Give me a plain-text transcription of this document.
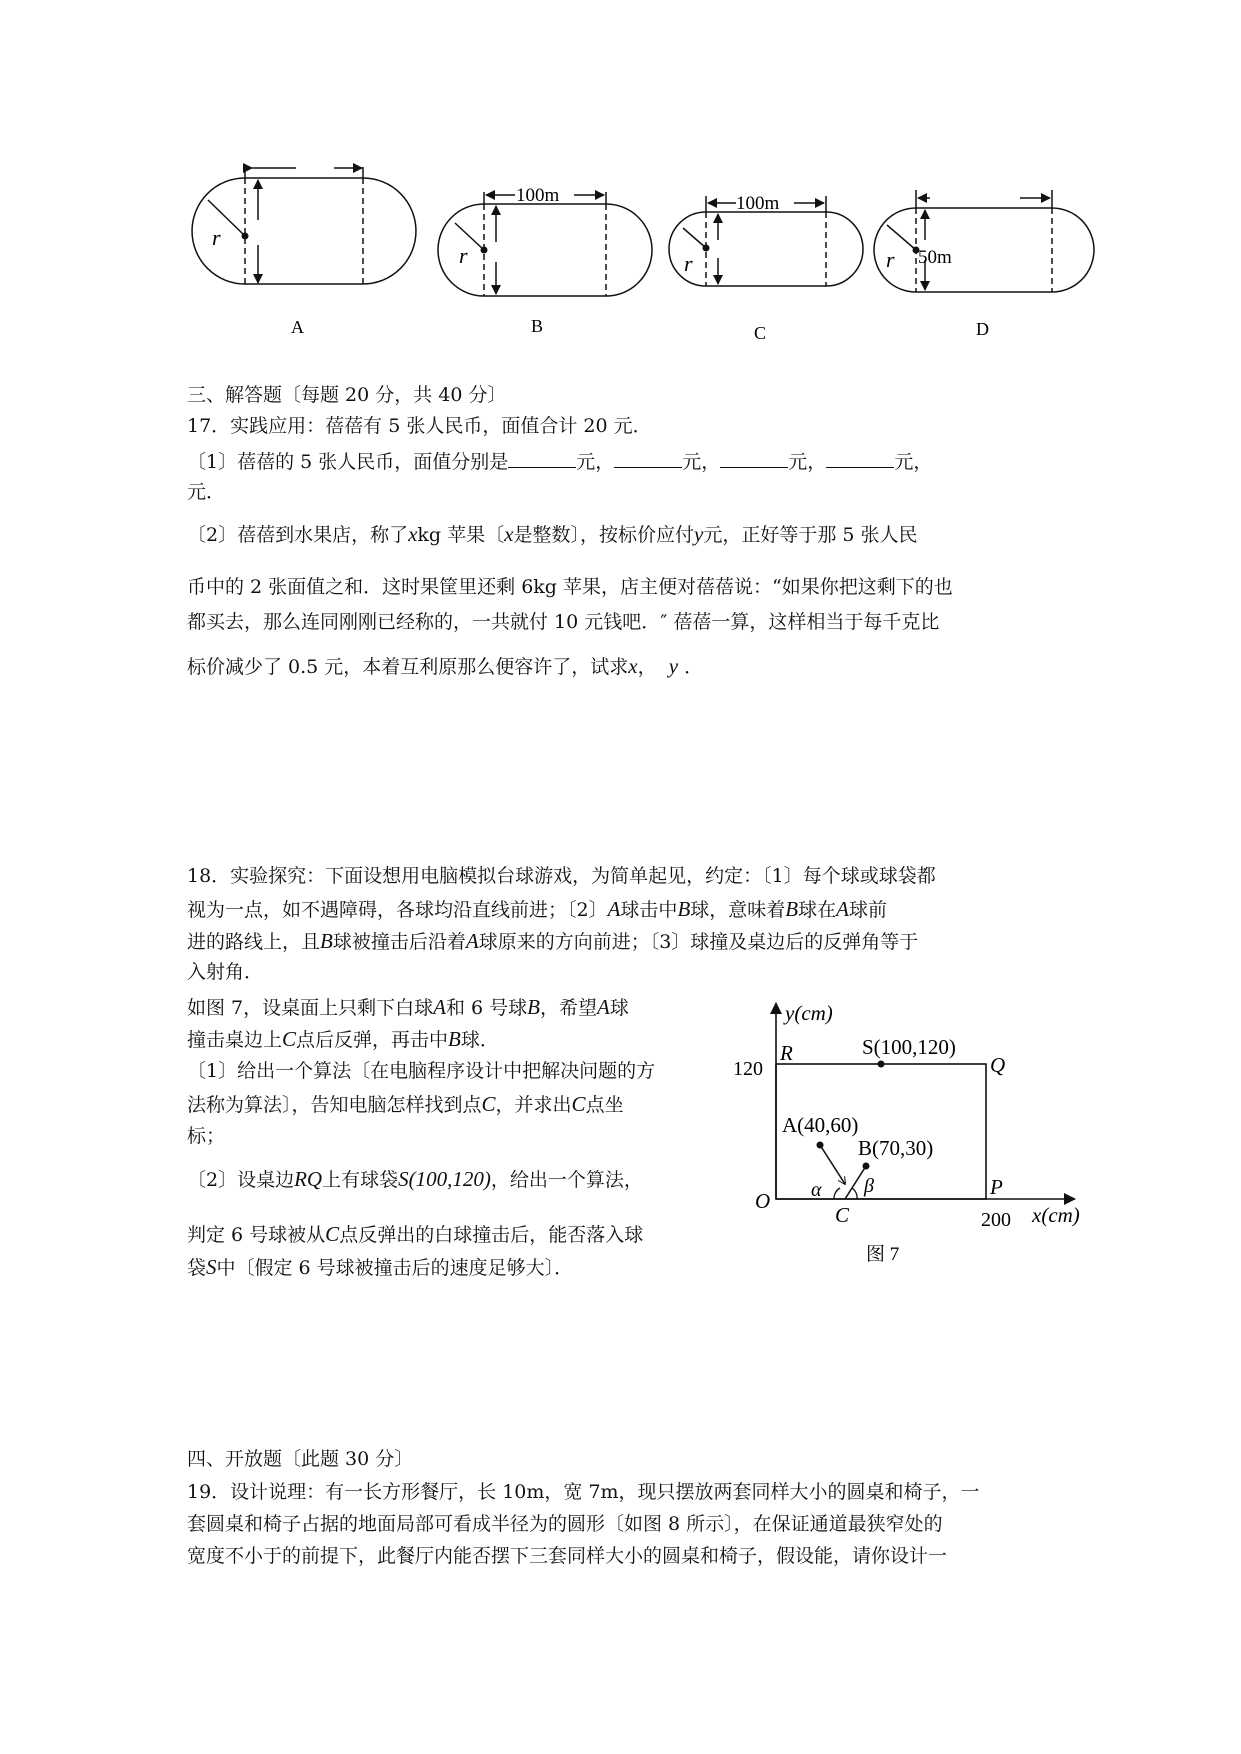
r
A
r
100m
B
r
100m
C
r 50m
D
三、解答题〔每题 20 分，共 40 分〕
17．实践应用：蓓蓓有 5 张人民币，面值合计 20 元．
〔1〕蓓蓓的 5 张人民币，面值分别是	元，	元，	元，	元，
元．
〔2〕蓓蓓到水果店，称了xkg 苹果〔x是整数〕，按标价应付y元，正好等于那 5 张人民
币中的 2 张面值之和．这时果筐里还剩 6kg 苹果，店主便对蓓蓓说：“如果你把这剩下的也
都买去，那么连同刚刚已经称的，一共就付 10 元钱吧．″ 蓓蓓一算，这样相当于每千克比
标价减少了 0.5 元，本着互利原那么便容许了，试求x， y ．
18．实验探究：下面设想用电脑模拟台球游戏，为简单起见，约定：〔1〕每个球或球袋都
视为一点，如不遇障碍，各球均沿直线前进；〔2〕A球击中B球，意味着B球在A球前
进的路线上，且B球被撞击后沿着A球原来的方向前进；〔3〕球撞及桌边后的反弹角等于
入射角．
如图 7，设桌面上只剩下白球A和 6 号球B，希望A球
撞击桌边上C点后反弹，再击中B球．
〔1〕给出一个算法〔在电脑程序设计中把解决问题的方
法称为算法〕，告知电脑怎样找到点C，并求出C点坐
标；
〔2〕设桌边RQ上有球袋S(100,120)，给出一个算法，
判定 6 号球被从C点反弹出的白球撞击后，能否落入球
袋S中〔假定 6 号球被撞击后的速度足够大〕．
y(cm)
x(cm)
120
200
O
R	Q
P
S(100,120)
A(40,60)
B(70,30)
C
α β
图 7
四、开放题〔此题 30 分〕
19．设计说理：有一长方形餐厅，长 10m，宽 7m，现只摆放两套同样大小的圆桌和椅子，一
套圆桌和椅子占据的地面局部可看成半径为的圆形〔如图 8 所示〕，在保证通道最狭窄处的
宽度不小于的前提下，此餐厅内能否摆下三套同样大小的圆桌和椅子，假设能，请你设计一
